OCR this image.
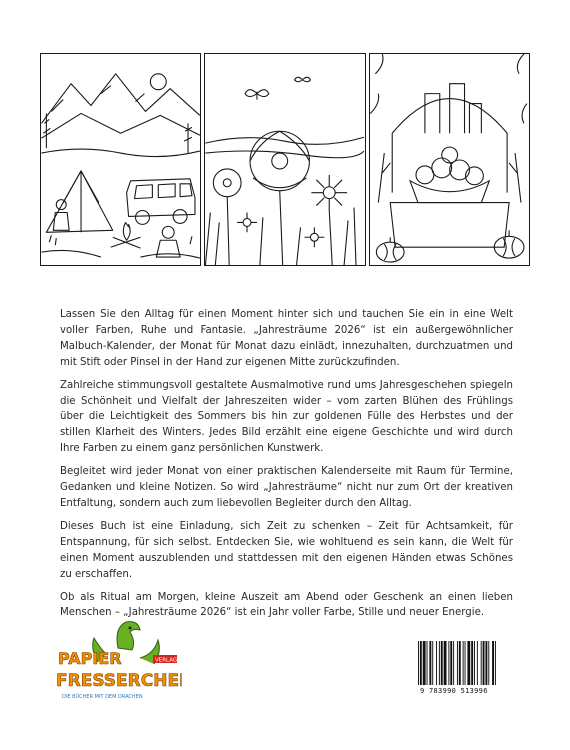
Lassen Sie den Alltag für einen Moment hinter sich und tauchen Sie ein in eine Welt voller Farben, Ruhe und Fantasie. „Jahresträume 2026“ ist ein außergewöhnlicher Malbuch-Kalender, der Monat für Monat dazu einlädt, innezuhalten, durchzuatmen und mit Stift oder Pinsel in der Hand zur eigenen Mitte zurückzufinden.

Zahlreiche stimmungsvoll gestaltete Ausmalmotive rund ums Jahresgeschehen spiegeln die Schönheit und Vielfalt der Jahreszeiten wider – vom zarten Blühen des Frühlings über die Leichtigkeit des Sommers bis hin zur goldenen Fülle des Herbstes und der stillen Klarheit des Winters. Jedes Bild erzählt eine eigene Geschichte und wird durch Ihre Farben zu einem ganz persönlichen Kunstwerk.

Begleitet wird jeder Monat von einer praktischen Kalenderseite mit Raum für Termine, Gedanken und kleine Notizen. So wird „Jahresträume“ nicht nur zum Ort der kreativen Entfaltung, sondern auch zum liebevollen Begleiter durch den Alltag.

Dieses Buch ist eine Einladung, sich Zeit zu schenken – Zeit für Achtsamkeit, für Entspannung, für sich selbst. Entdecken Sie, wie wohltuend es sein kann, die Welt für einen Moment auszublenden und stattdessen mit den eigenen Händen etwas Schönes zu erschaffen.

Ob als Ritual am Morgen, kleine Auszeit am Abend oder Geschenk an einen lieben Menschen – „Jahresträume 2026“ ist ein Jahr voller Farbe, Stille und neuer Energie.

PAPIER
FRESSERCHEN
VERLAG
DIE BÜCHER MIT DEM DRACHEN
9 783990 513996
